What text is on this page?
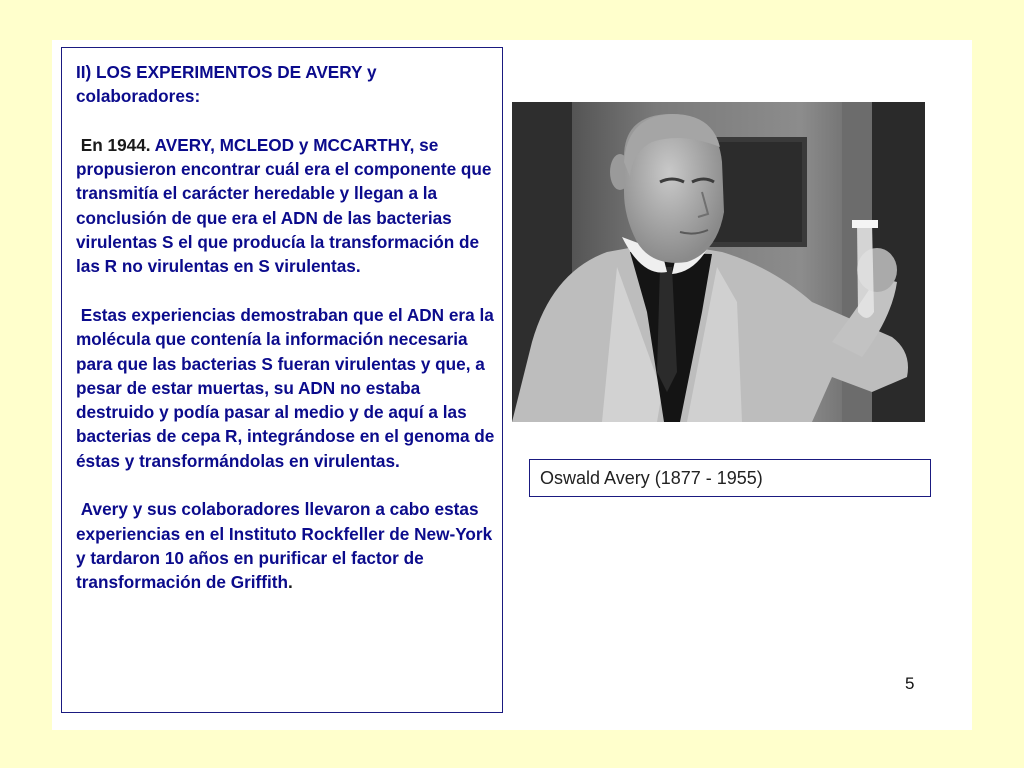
II) LOS EXPERIMENTOS DE AVERY y colaboradores:

En 1944. AVERY, MCLEOD y MCCARTHY, se propusieron encontrar cuál era el componente que transmitía el carácter heredable y llegan a la conclusión de que era el ADN de las bacterias virulentas S el que producía la transformación de las R no virulentas en S virulentas.

Estas experiencias demostraban que el ADN era la molécula que contenía la información necesaria para que las bacterias S fueran virulentas y que, a pesar de estar muertas, su ADN no estaba destruido y podía pasar al medio y de aquí a las bacterias de cepa R, integrándose en el genoma de éstas y transformándolas en virulentas.

Avery y sus colaboradores llevaron a cabo estas experiencias en el Instituto Rockfeller de New-York y tardaron 10 años en purificar el factor de transformación de Griffith.

Oswald Avery (1877 - 1955)
5
